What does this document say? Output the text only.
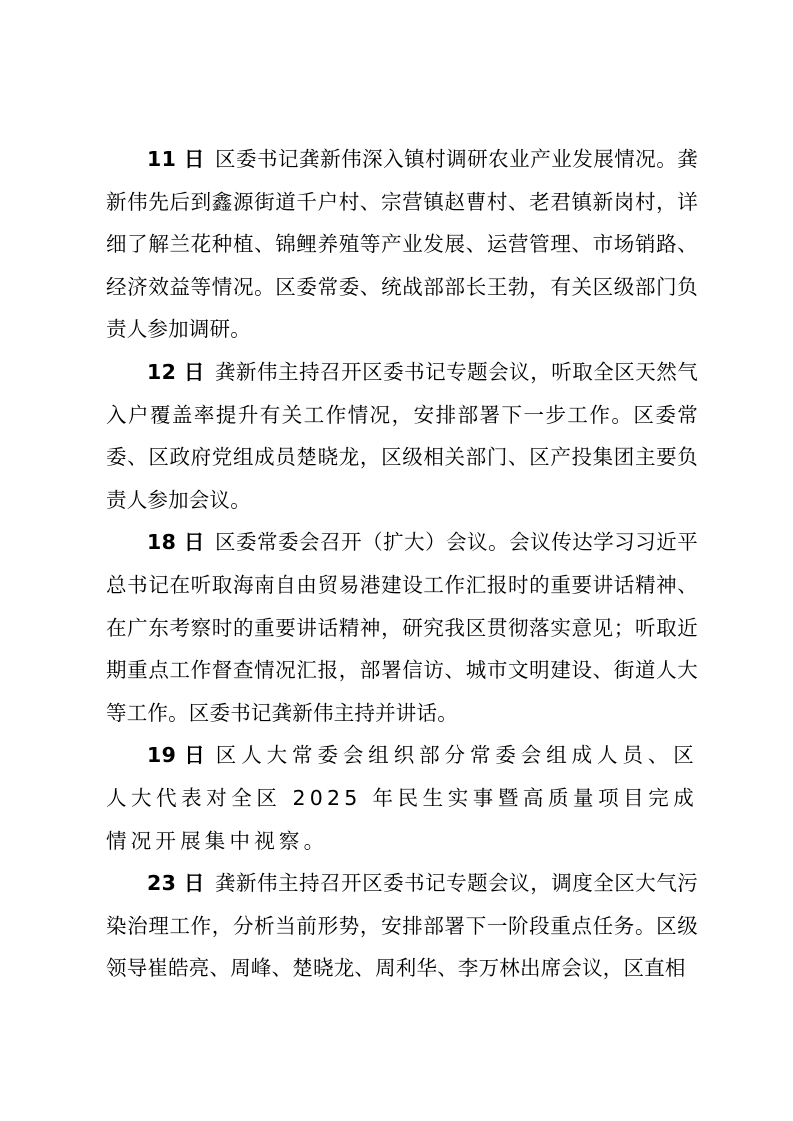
11 日 区委书记龚新伟深入镇村调研农业产业发展情况。龚新伟先后到鑫源街道千户村、宗营镇赵曹村、老君镇新岗村，详细了解兰花种植、锦鲤养殖等产业发展、运营管理、市场销路、经济效益等情况。区委常委、统战部部长王勃，有关区级部门负责人参加调研。

12 日 龚新伟主持召开区委书记专题会议，听取全区天然气入户覆盖率提升有关工作情况，安排部署下一步工作。区委常委、区政府党组成员楚晓龙，区级相关部门、区产投集团主要负责人参加会议。

18 日 区委常委会召开（扩大）会议。会议传达学习习近平总书记在听取海南自由贸易港建设工作汇报时的重要讲话精神、在广东考察时的重要讲话精神，研究我区贯彻落实意见；听取近期重点工作督查情况汇报，部署信访、城市文明建设、街道人大等工作。区委书记龚新伟主持并讲话。

19 日 区人大常委会组织部分常委会组成人员、区人大代表对全区 2025 年民生实事暨高质量项目完成情况开展集中视察。

23 日 龚新伟主持召开区委书记专题会议，调度全区大气污染治理工作，分析当前形势，安排部署下一阶段重点任务。区级领导崔皓亮、周峰、楚晓龙、周利华、李万林出席会议，区直相
